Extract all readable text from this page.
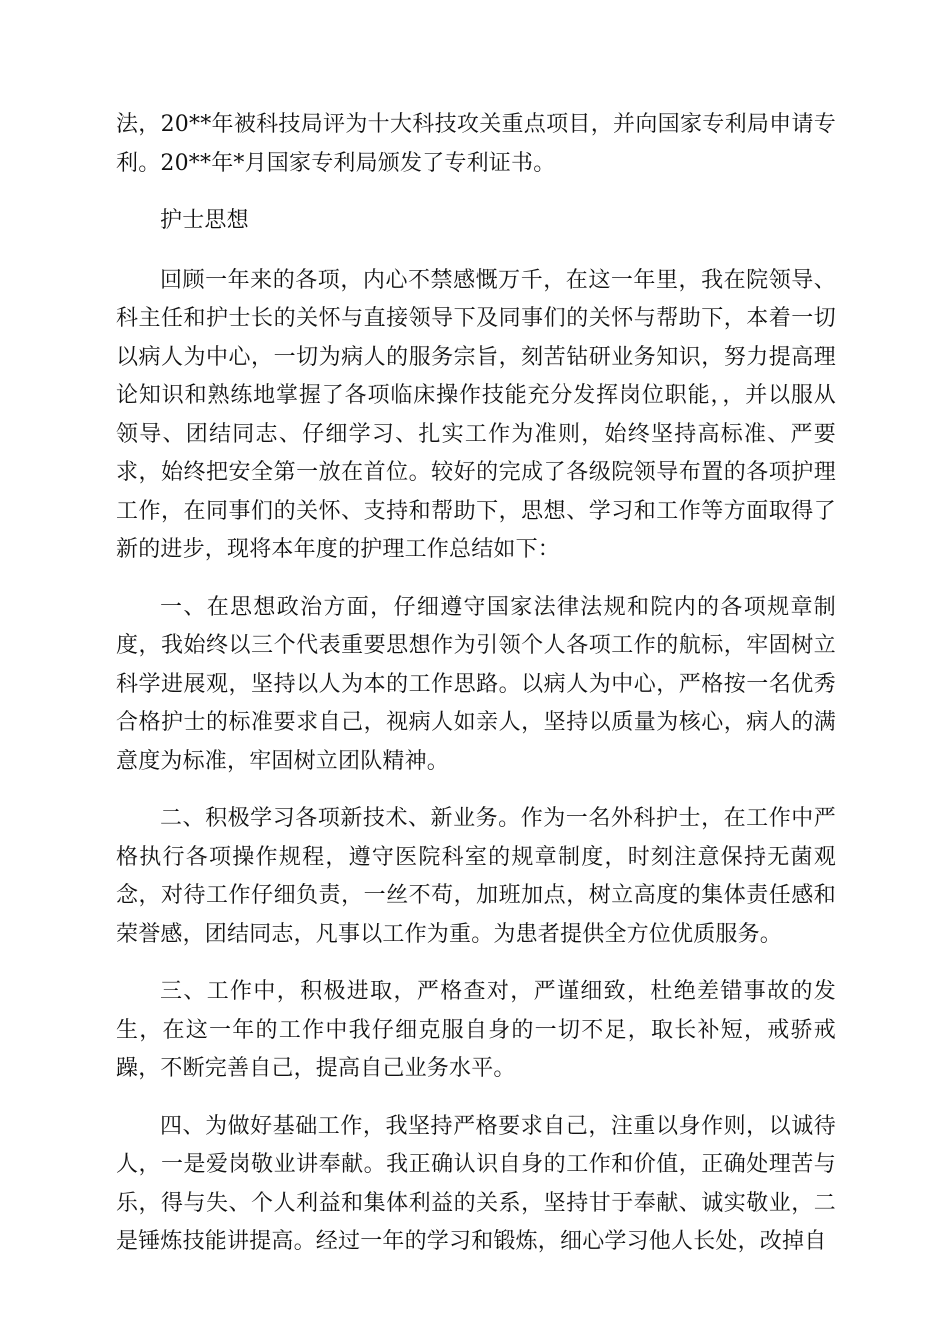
法，20**年被科技局评为十大科技攻关重点项目，并向国家专利局申请专利。20**年*月国家专利局颁发了专利证书。

护士思想

回顾一年来的各项，内心不禁感慨万千，在这一年里，我在院领导、科主任和护士长的关怀与直接领导下及同事们的关怀与帮助下，本着一切以病人为中心，一切为病人的服务宗旨，刻苦钻研业务知识，努力提高理论知识和熟练地掌握了各项临床操作技能充分发挥岗位职能，，并以服从领导、团结同志、仔细学习、扎实工作为准则，始终坚持高标准、严要求，始终把安全第一放在首位。较好的完成了各级院领导布置的各项护理工作，在同事们的关怀、支持和帮助下，思想、学习和工作等方面取得了新的进步，现将本年度的护理工作总结如下：

一、在思想政治方面，仔细遵守国家法律法规和院内的各项规章制度，我始终以三个代表重要思想作为引领个人各项工作的航标，牢固树立科学进展观，坚持以人为本的工作思路。以病人为中心，严格按一名优秀合格护士的标准要求自己，视病人如亲人，坚持以质量为核心，病人的满意度为标准，牢固树立团队精神。

二、积极学习各项新技术、新业务。作为一名外科护士，在工作中严格执行各项操作规程，遵守医院科室的规章制度，时刻注意保持无菌观念，对待工作仔细负责，一丝不苟，加班加点，树立高度的集体责任感和荣誉感，团结同志，凡事以工作为重。为患者提供全方位优质服务。

三、工作中，积极进取，严格查对，严谨细致，杜绝差错事故的发生，在这一年的工作中我仔细克服自身的一切不足，取长补短，戒骄戒躁，不断完善自己，提高自己业务水平。

四、为做好基础工作，我坚持严格要求自己，注重以身作则，以诚待人，一是爱岗敬业讲奉献。我正确认识自身的工作和价值，正确处理苦与乐，得与失、个人利益和集体利益的关系，坚持甘于奉献、诚实敬业，二是锤炼技能讲提高。经过一年的学习和锻炼，细心学习他人长处，改掉自
